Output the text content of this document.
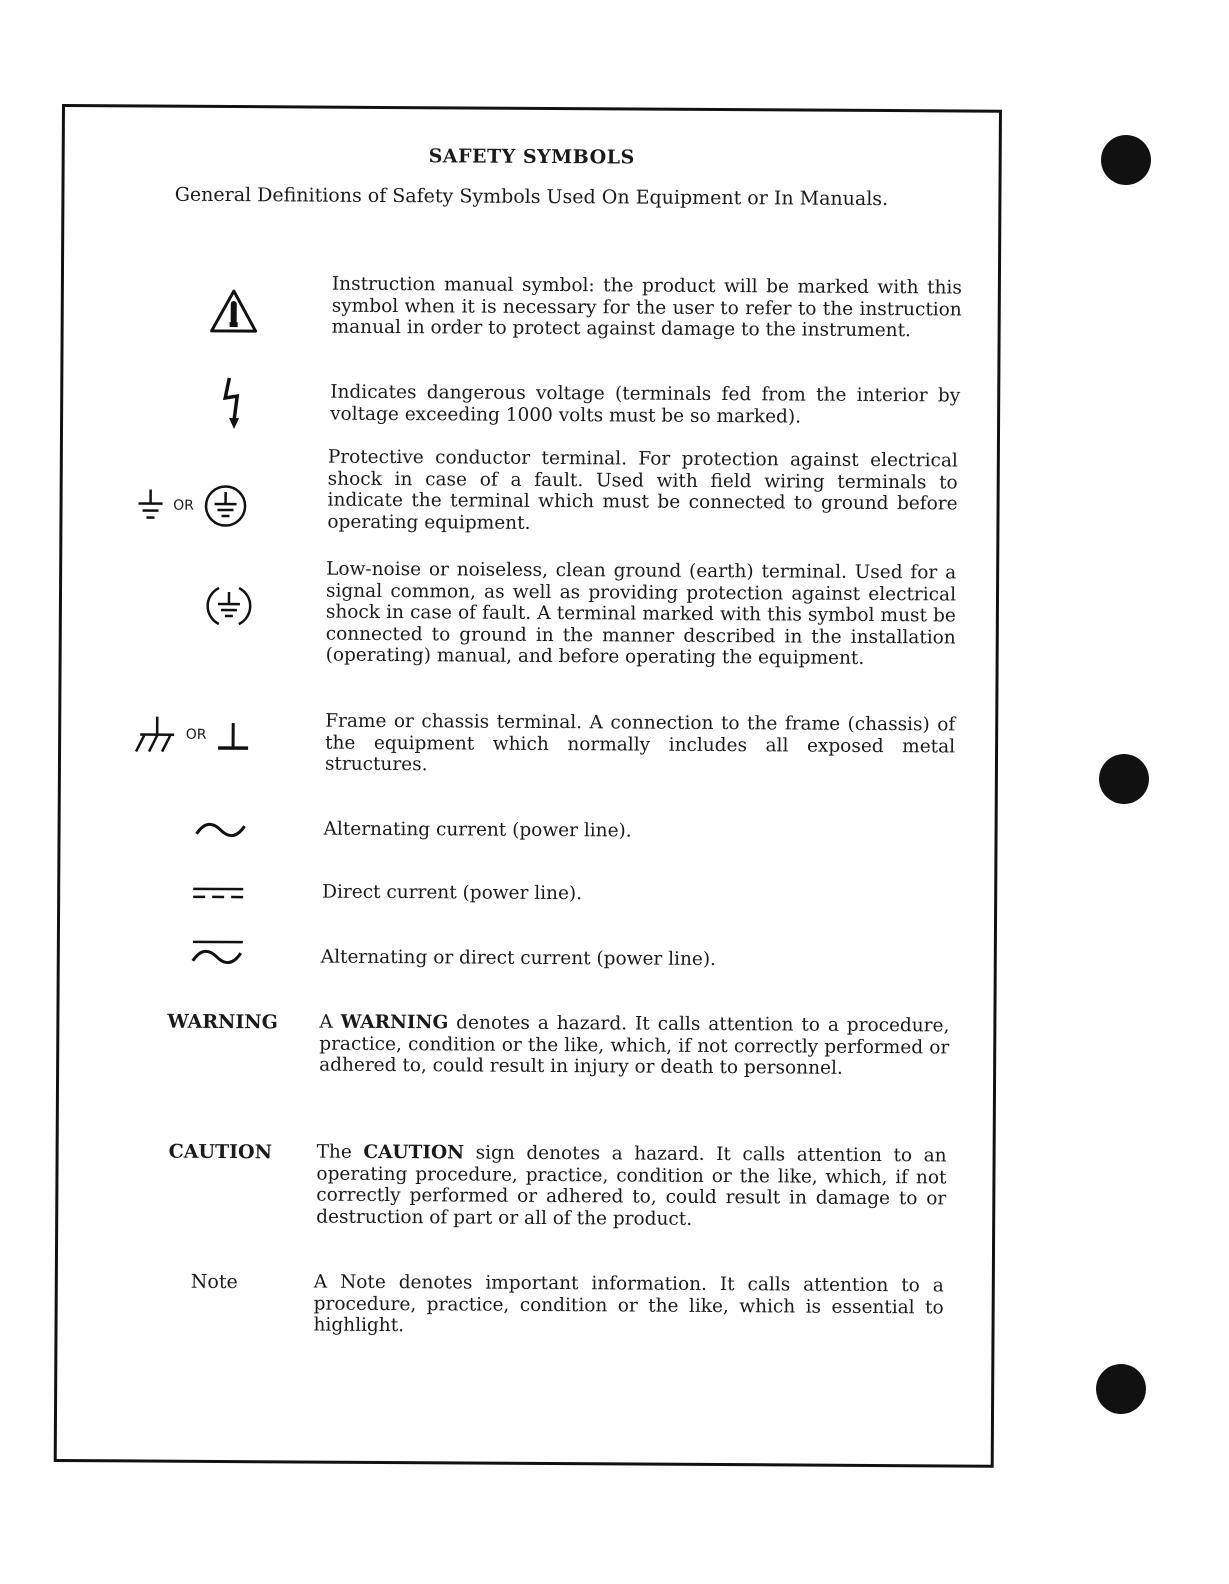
SAFETY SYMBOLS
General Definitions of Safety Symbols Used On Equipment or In Manuals.
Instruction manual symbol: the product will be marked with this symbol when it is necessary for the user to refer to the instruction manual in order to protect against damage to the instrument.
Indicates dangerous voltage (terminals fed from the interior by voltage exceeding 1000 volts must be so marked).
OR
Protective conductor terminal. For protection against electrical shock in case of a fault. Used with field wiring terminals to indicate the terminal which must be connected to ground before operating equipment.
Low-noise or noiseless, clean ground (earth) terminal. Used for a signal common, as well as providing protection against electrical shock in case of fault. A terminal marked with this symbol must be connected to ground in the manner described in the installation (operating) manual, and before operating the equipment.
OR	Frame or chassis terminal. A connection to the frame (chassis) of the equipment which normally includes all exposed metal structures.
Alternating current (power line).
Direct current (power line).
Alternating or direct current (power line).
WARNING A WARNING denotes a hazard. It calls attention to a procedure, practice, condition or the like, which, if not correctly performed or adhered to, could result in injury or death to personnel.
CAUTION The CAUTION sign denotes a hazard. It calls attention to an operating procedure, practice, condition or the like, which, if not correctly performed or adhered to, could result in damage to or destruction of part or all of the product.
Note	A Note denotes important information. It calls attention to a procedure, practice, condition or the like, which is essential to highlight.
